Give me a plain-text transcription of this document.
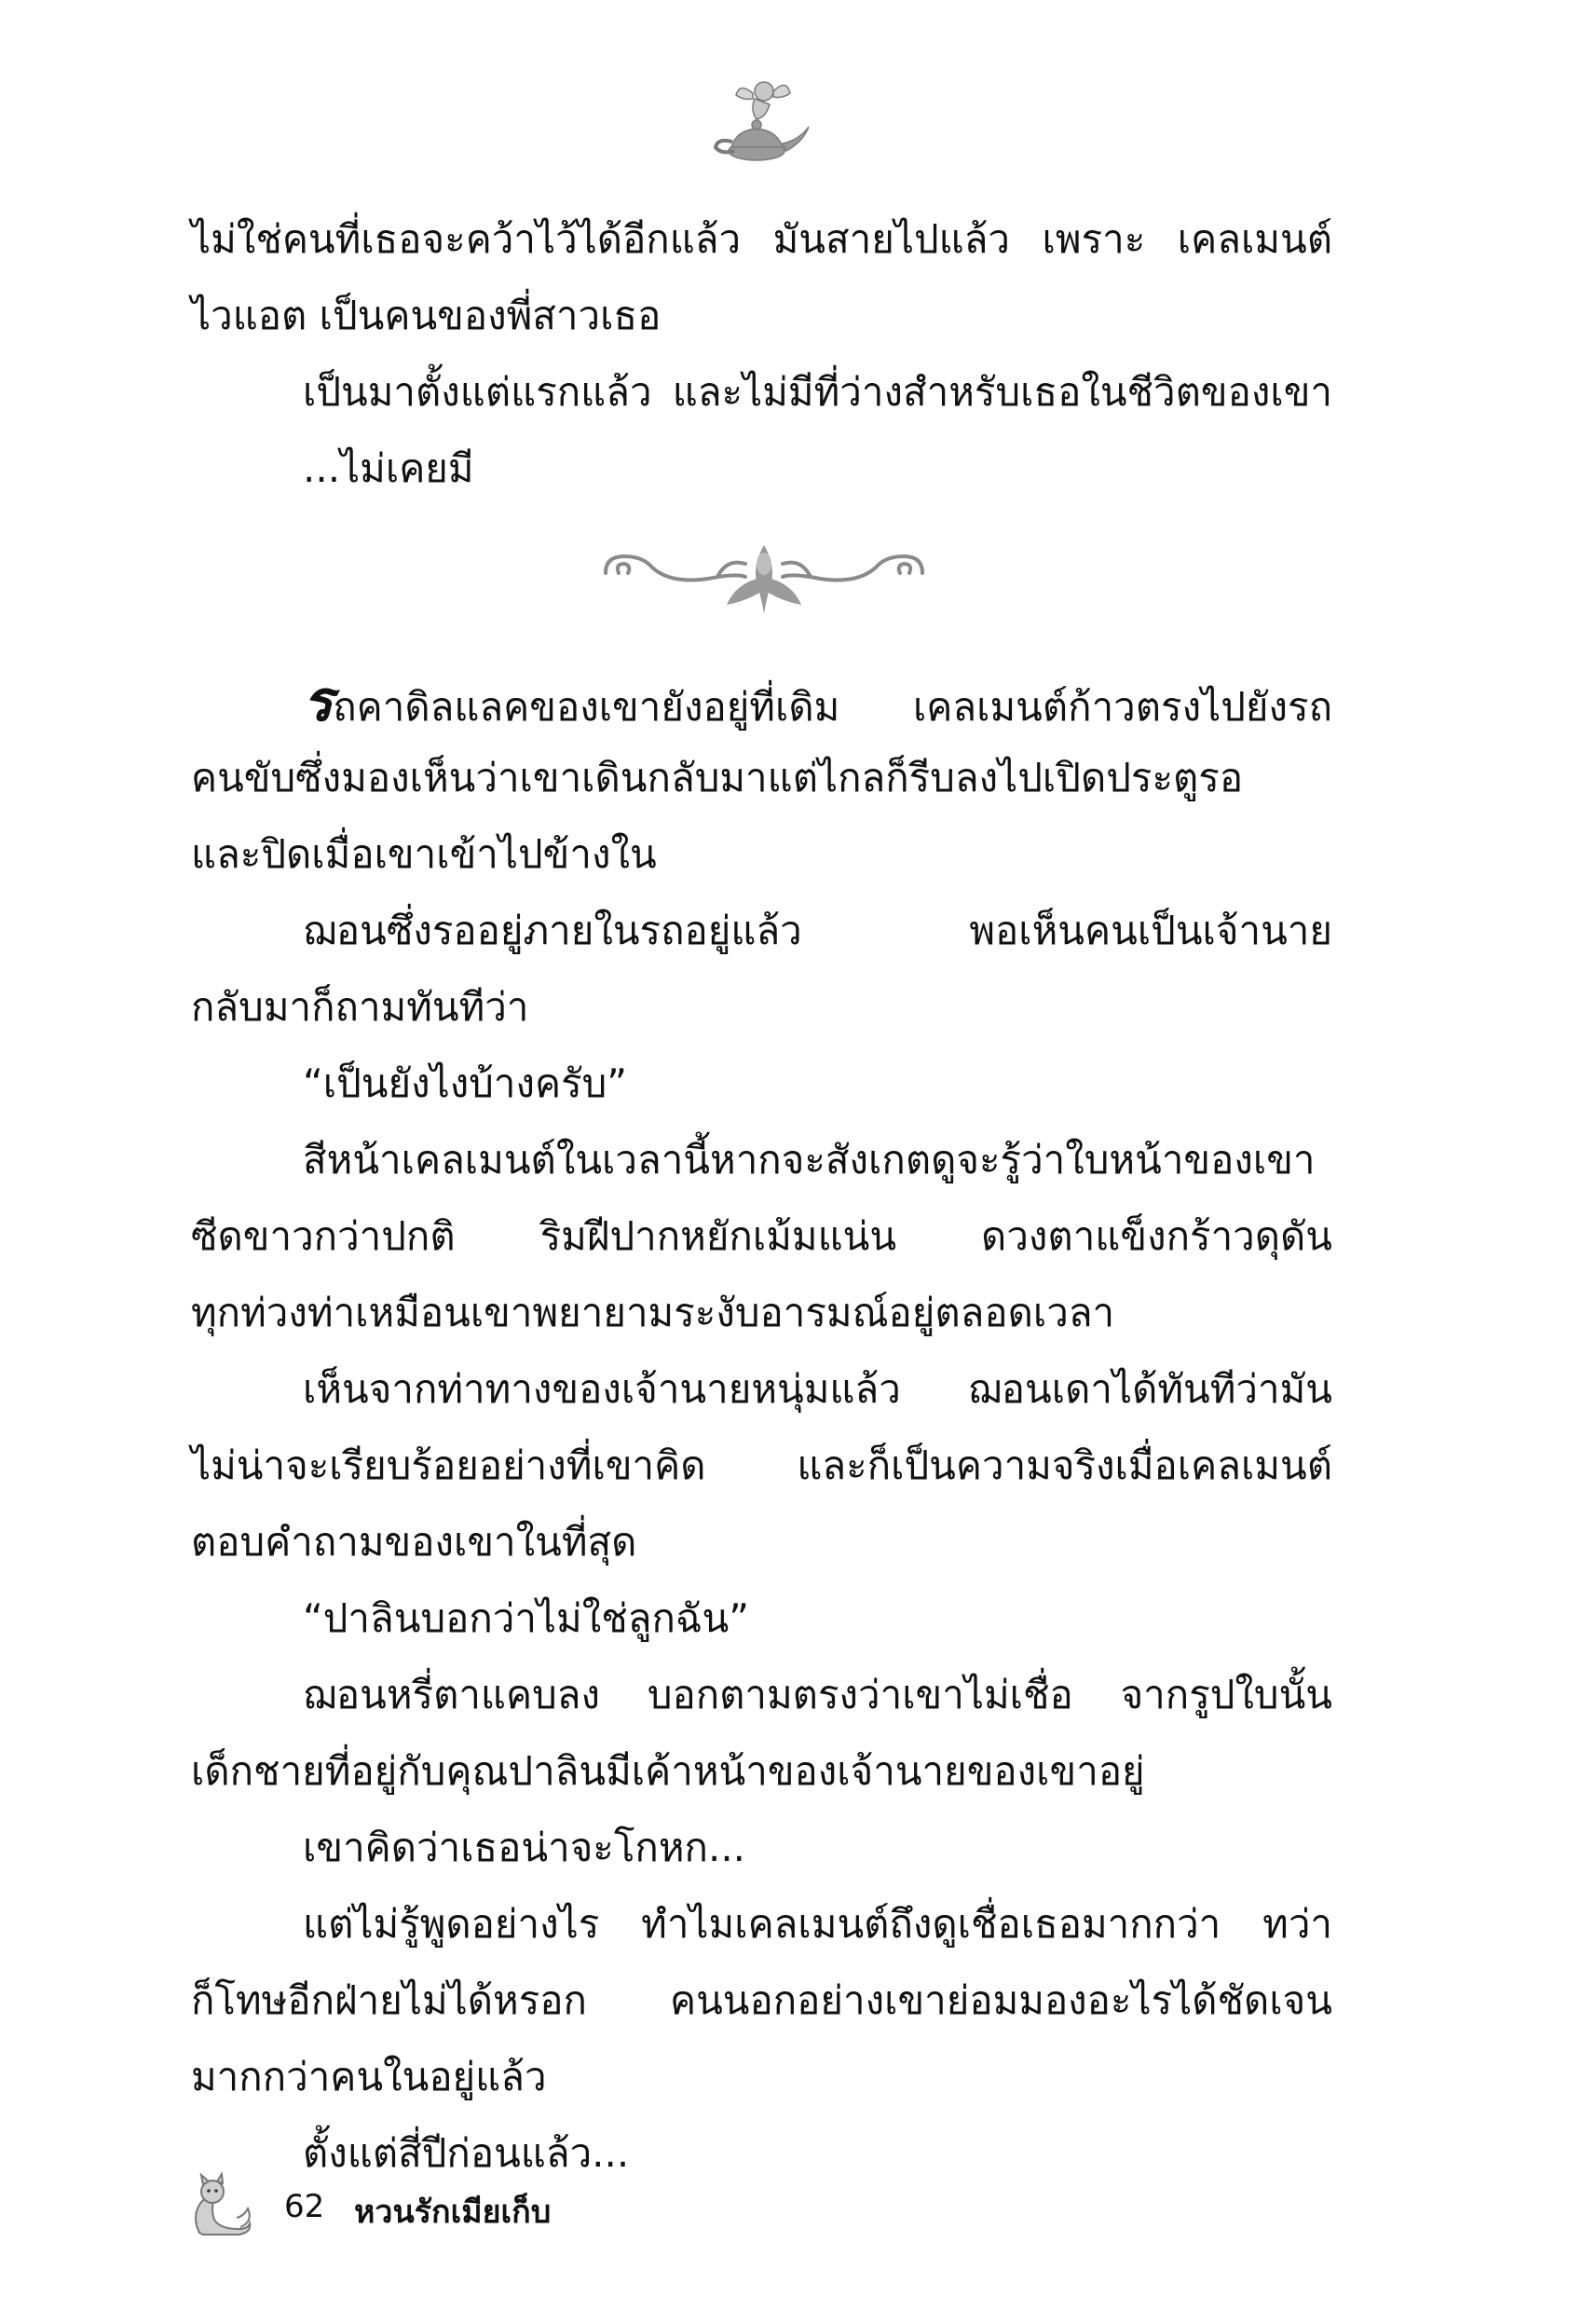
ไม่ใช่คนที่เธอจะคว้าไว้ได้อีกแล้ว มันสายไปแล้ว เพราะ เคลเมนต์
ไวแอต เป็นคนของพี่สาวเธอ
เป็นมาตั้งแต่แรกแล้ว และไม่มีที่ว่างสำหรับเธอในชีวิตของเขา
...ไม่เคยมี
รถคาดิลแลคของเขายังอยู่ที่เดิม เคลเมนต์ก้าวตรงไปยังรถ
คนขับซึ่งมองเห็นว่าเขาเดินกลับมาแต่ไกลก็รีบลงไปเปิดประตูรอ
และปิดเมื่อเขาเข้าไปข้างใน
ฌอนซึ่งรออยู่ภายในรถอยู่แล้ว พอเห็นคนเป็นเจ้านาย
กลับมาก็ถามทันทีว่า
“เป็นยังไงบ้างครับ”
สีหน้าเคลเมนต์ในเวลานี้หากจะสังเกตดูจะรู้ว่าใบหน้าของเขา
ซีดขาวกว่าปกติ ริมฝีปากหยักเม้มแน่น ดวงตาแข็งกร้าวดุดัน
ทุกท่วงท่าเหมือนเขาพยายามระงับอารมณ์อยู่ตลอดเวลา
เห็นจากท่าทางของเจ้านายหนุ่มแล้ว ฌอนเดาได้ทันทีว่ามัน
ไม่น่าจะเรียบร้อยอย่างที่เขาคิด และก็เป็นความจริงเมื่อเคลเมนต์
ตอบคำถามของเขาในที่สุด
“ปาลินบอกว่าไม่ใช่ลูกฉัน”
ฌอนหรี่ตาแคบลง บอกตามตรงว่าเขาไม่เชื่อ จากรูปใบนั้น
เด็กชายที่อยู่กับคุณปาลินมีเค้าหน้าของเจ้านายของเขาอยู่
เขาคิดว่าเธอน่าจะโกหก...
แต่ไม่รู้พูดอย่างไร ทำไมเคลเมนต์ถึงดูเชื่อเธอมากกว่า ทว่า
ก็โทษอีกฝ่ายไม่ได้หรอก คนนอกอย่างเขาย่อมมองอะไรได้ชัดเจน
มากกว่าคนในอยู่แล้ว
ตั้งแต่สี่ปีก่อนแล้ว...
62 หวนรักเมียเก็บ
